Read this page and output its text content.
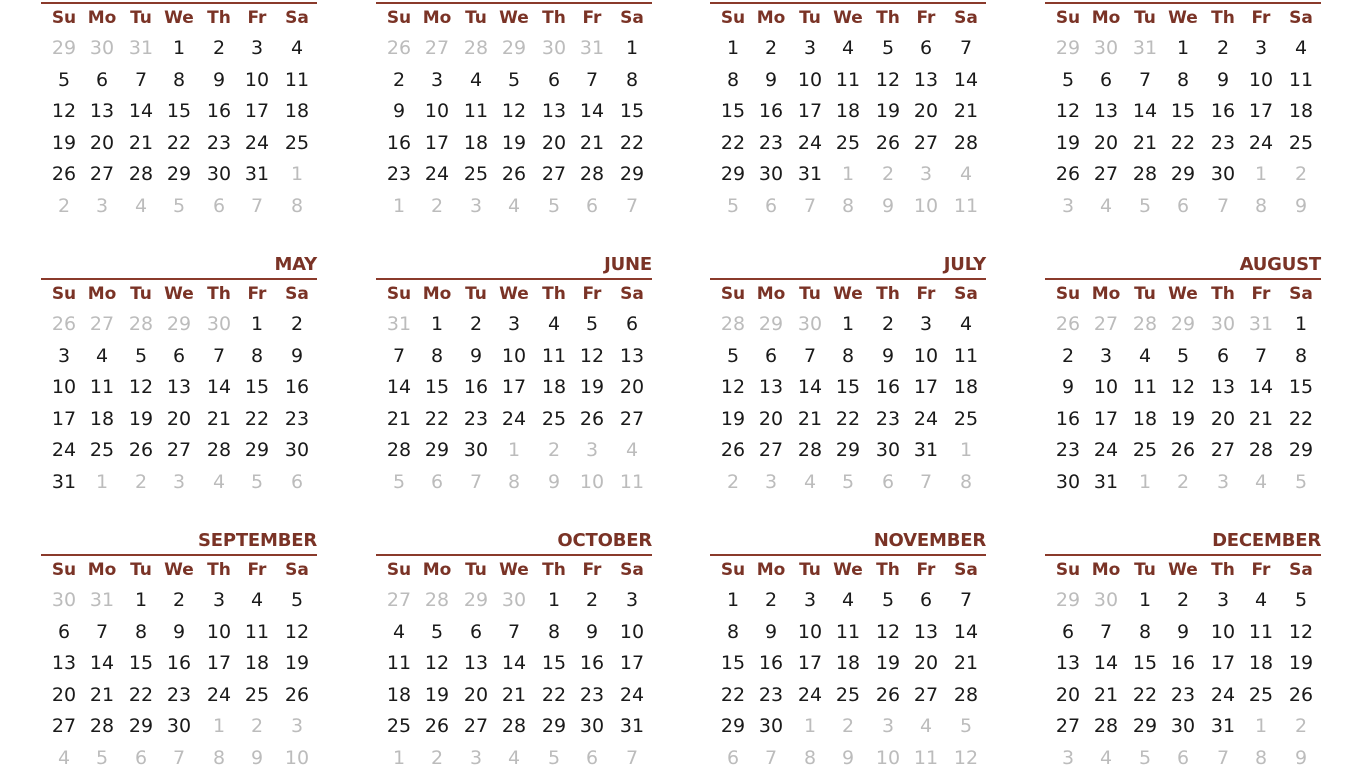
Su Mo Tu We Th Fr	Sa
29 30 31	1	2	3	4
5	6	7	8	9	10 11
12 13 14 15 16 17 18
19 20 21 22 23 24 25
26 27 28 29 30 31	1
2	3	4	5	6	7	8
Su Mo Tu We Th Fr	Sa
26 27 28 29 30 31	1
2	3	4	5	6	7	8
9	10 11 12 13 14 15
16 17 18 19 20 21 22
23 24 25 26 27 28 29
1	2	3	4	5	6	7
Su Mo Tu We Th Fr	Sa
1	2	3	4	5	6	7
8	9	10 11 12 13 14
15 16 17 18 19 20 21
22 23 24 25 26 27 28
29 30 31	1	2	3	4
5	6	7	8	9	10 11
Su Mo Tu We Th Fr	Sa
29 30 31	1	2	3	4
5	6	7	8	9	10 11
12 13 14 15 16 17 18
19 20 21 22 23 24 25
26 27 28 29 30	1	2
3	4	5	6	7	8	9
MAY
Su Mo Tu We Th Fr	Sa
26 27 28 29 30	1	2
3	4	5	6	7	8	9
10 11 12 13 14 15 16
17 18 19 20 21 22 23
24 25 26 27 28 29 30
31	1	2	3	4	5	6
JUNE
Su Mo Tu We Th Fr	Sa
31	1	2	3	4	5	6
7	8	9	10 11 12 13
14 15 16 17 18 19 20
21 22 23 24 25 26 27
28 29 30	1	2	3	4
5	6	7	8	9	10 11
JULY
Su Mo Tu We Th Fr	Sa
28 29 30	1	2	3	4
5	6	7	8	9	10 11
12 13 14 15 16 17 18
19 20 21 22 23 24 25
26 27 28 29 30 31	1
2	3	4	5	6	7	8
AUGUST
Su Mo Tu We Th Fr	Sa
26 27 28 29 30 31	1
2	3	4	5	6	7	8
9	10 11 12 13 14 15
16 17 18 19 20 21 22
23 24 25 26 27 28 29
30 31	1	2	3	4	5
SEPTEMBER
Su Mo Tu We Th Fr	Sa
30 31	1	2	3	4	5
6	7	8	9	10 11 12
13 14 15 16 17 18 19
20 21 22 23 24 25 26
27 28 29 30	1	2	3
4	5	6	7	8	9	10
OCTOBER
Su Mo Tu We Th Fr	Sa
27 28 29 30	1	2	3
4	5	6	7	8	9	10
11 12 13 14 15 16 17
18 19 20 21 22 23 24
25 26 27 28 29 30 31
1	2	3	4	5	6	7
NOVEMBER
Su Mo Tu We Th Fr	Sa
1	2	3	4	5	6	7
8	9	10 11 12 13 14
15 16 17 18 19 20 21
22 23 24 25 26 27 28
29 30	1	2	3	4	5
6	7	8	9	10 11 12
DECEMBER
Su Mo Tu We Th Fr	Sa
29 30	1	2	3	4	5
6	7	8	9	10 11 12
13 14 15 16 17 18 19
20 21 22 23 24 25 26
27 28 29 30 31	1	2
3	4	5	6	7	8	9
